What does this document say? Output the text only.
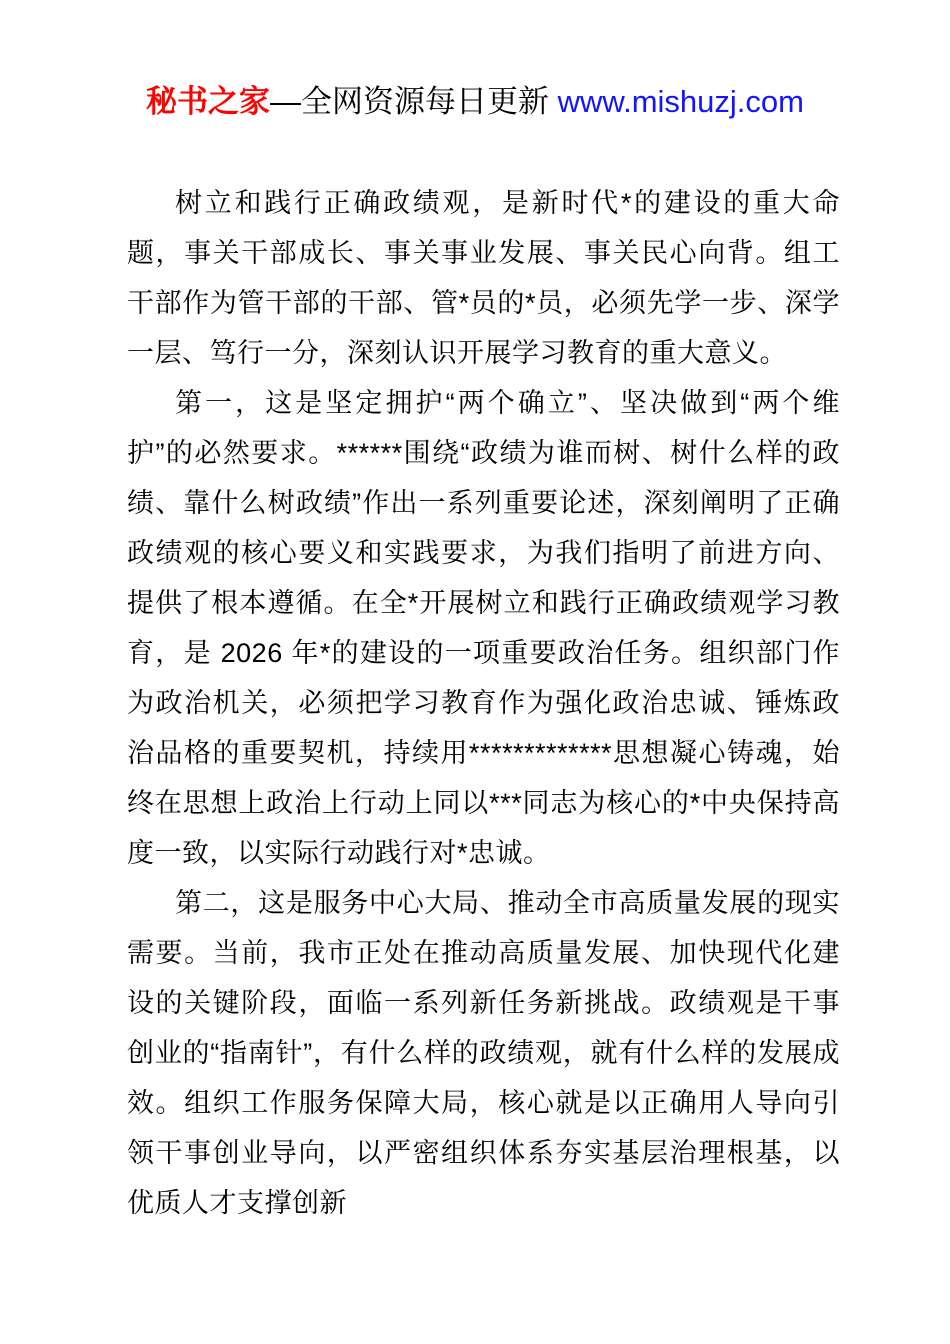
秘书之家—全网资源每日更新 www.mishuzj.com

树立和践行正确政绩观，是新时代*的建设的重大命题，事关干部成长、事关事业发展、事关民心向背。组工干部作为管干部的干部、管*员的*员，必须先学一步、深学一层、笃行一分，深刻认识开展学习教育的重大意义。

第一，这是坚定拥护“两个确立”、坚决做到“两个维护”的必然要求。******围绕“政绩为谁而树、树什么样的政绩、靠什么树政绩”作出一系列重要论述，深刻阐明了正确政绩观的核心要义和实践要求，为我们指明了前进方向、提供了根本遵循。在全*开展树立和践行正确政绩观学习教育，是 2026 年*的建设的一项重要政治任务。组织部门作为政治机关，必须把学习教育作为强化政治忠诚、锤炼政治品格的重要契机，持续用*************思想凝心铸魂，始终在思想上政治上行动上同以***同志为核心的*中央保持高度一致，以实际行动践行对*忠诚。

第二，这是服务中心大局、推动全市高质量发展的现实需要。当前，我市正处在推动高质量发展、加快现代化建设的关键阶段，面临一系列新任务新挑战。政绩观是干事创业的“指南针”，有什么样的政绩观，就有什么样的发展成效。组织工作服务保障大局，核心就是以正确用人导向引领干事创业导向，以严密组织体系夯实基层治理根基，以优质人才支撑创新
